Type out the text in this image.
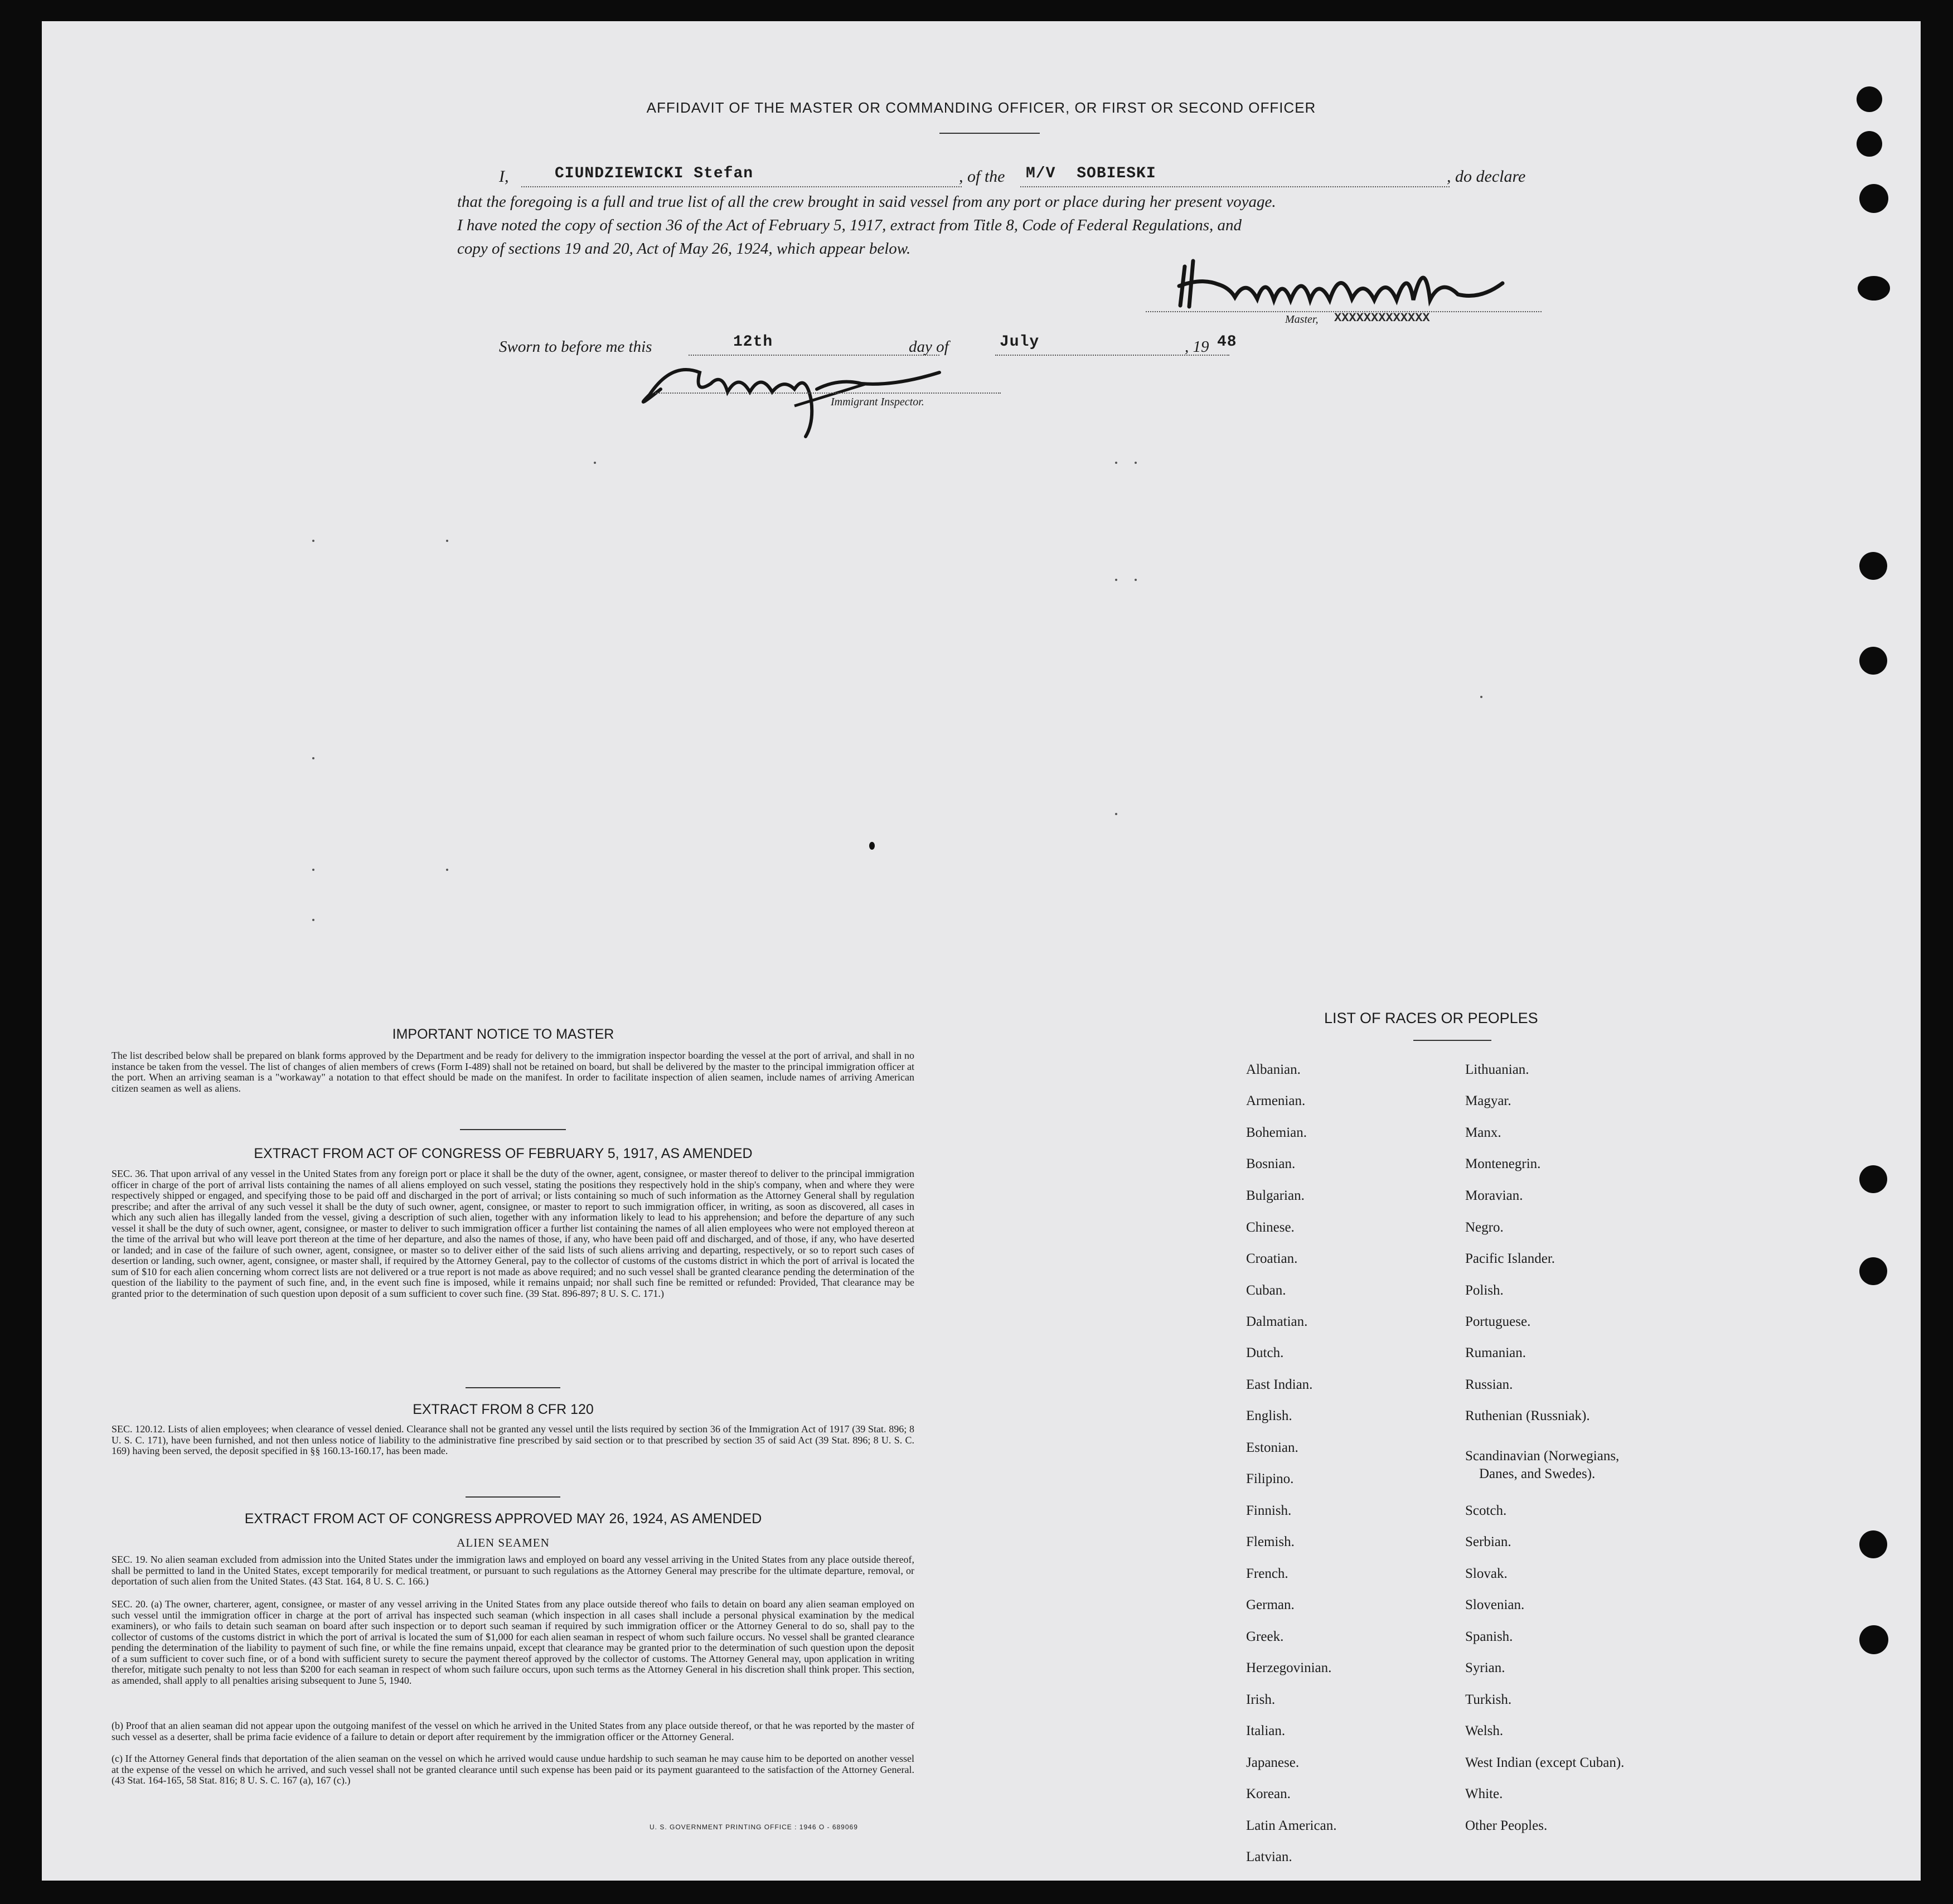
AFFIDAVIT OF THE MASTER OR COMMANDING OFFICER, OR FIRST OR SECOND OFFICER
I,	CIUNDZIEWICKI Stefan	, of the M/V SOBIESKI	, do declare
that the foregoing is a full and true list of all the crew brought in said vessel from any port or place during her present voyage.
I have noted the copy of section 36 of the Act of February 5, 1917, extract from Title 8, Code of Federal Regulations, and
copy of sections 19 and 20, Act of May 26, 1924, which appear below.
Master, XXXXXXXXXXXXX
Sworn to before me this	12th	day of	July	, 19 48
Immigrant Inspector.
IMPORTANT NOTICE TO MASTER
The list described below shall be prepared on blank forms approved by the Department and be ready for delivery to the immigration inspector boarding the vessel at the port of arrival, and shall in no instance be taken from the vessel. The list of changes of alien members of crews (Form I-489) shall not be retained on board, but shall be delivered by the master to the principal immigration officer at the port. When an arriving seaman is a "workaway" a notation to that effect should be made on the manifest. In order to facilitate inspection of alien seamen, include names of arriving American citizen seamen as well as aliens.
EXTRACT FROM ACT OF CONGRESS OF FEBRUARY 5, 1917, AS AMENDED
SEC. 36. That upon arrival of any vessel in the United States from any foreign port or place it shall be the duty of the owner, agent, consignee, or master thereof to deliver to the principal immigration officer in charge of the port of arrival lists containing the names of all aliens employed on such vessel, stating the positions they respectively hold in the ship's company, when and where they were respectively shipped or engaged, and specifying those to be paid off and discharged in the port of arrival; or lists containing so much of such information as the Attorney General shall by regulation prescribe; and after the arrival of any such vessel it shall be the duty of such owner, agent, consignee, or master to report to such immigration officer, in writing, as soon as discovered, all cases in which any such alien has illegally landed from the vessel, giving a description of such alien, together with any information likely to lead to his apprehension; and before the departure of any such vessel it shall be the duty of such owner, agent, consignee, or master to deliver to such immigration officer a further list containing the names of all alien employees who were not employed thereon at the time of the arrival but who will leave port thereon at the time of her departure, and also the names of those, if any, who have been paid off and discharged, and of those, if any, who have deserted or landed; and in case of the failure of such owner, agent, consignee, or master so to deliver either of the said lists of such aliens arriving and departing, respectively, or so to report such cases of desertion or landing, such owner, agent, consignee, or master shall, if required by the Attorney General, pay to the collector of customs of the customs district in which the port of arrival is located the sum of $10 for each alien concerning whom correct lists are not delivered or a true report is not made as above required; and no such vessel shall be granted clearance pending the determination of the question of the liability to the payment of such fine, and, in the event such fine is imposed, while it remains unpaid; nor shall such fine be remitted or refunded: Provided, That clearance may be granted prior to the determination of such question upon deposit of a sum sufficient to cover such fine. (39 Stat. 896-897; 8 U. S. C. 171.)
EXTRACT FROM 8 CFR 120
SEC. 120.12. Lists of alien employees; when clearance of vessel denied. Clearance shall not be granted any vessel until the lists required by section 36 of the Immigration Act of 1917 (39 Stat. 896; 8 U. S. C. 171), have been furnished, and not then unless notice of liability to the administrative fine prescribed by said section or to that prescribed by section 35 of said Act (39 Stat. 896; 8 U. S. C. 169) having been served, the deposit specified in §§ 160.13-160.17, has been made.
EXTRACT FROM ACT OF CONGRESS APPROVED MAY 26, 1924, AS AMENDED
ALIEN SEAMEN
SEC. 19. No alien seaman excluded from admission into the United States under the immigration laws and employed on board any vessel arriving in the United States from any place outside thereof, shall be permitted to land in the United States, except temporarily for medical treatment, or pursuant to such regulations as the Attorney General may prescribe for the ultimate departure, removal, or deportation of such alien from the United States. (43 Stat. 164, 8 U. S. C. 166.)
SEC. 20. (a) The owner, charterer, agent, consignee, or master of any vessel arriving in the United States from any place outside thereof who fails to detain on board any alien seaman employed on such vessel until the immigration officer in charge at the port of arrival has inspected such seaman (which inspection in all cases shall include a personal physical examination by the medical examiners), or who fails to detain such seaman on board after such inspection or to deport such seaman if required by such immigration officer or the Attorney General to do so, shall pay to the collector of customs of the customs district in which the port of arrival is located the sum of $1,000 for each alien seaman in respect of whom such failure occurs. No vessel shall be granted clearance pending the determination of the liability to payment of such fine, or while the fine remains unpaid, except that clearance may be granted prior to the determination of such question upon the deposit of a sum sufficient to cover such fine, or of a bond with sufficient surety to secure the payment thereof approved by the collector of customs. The Attorney General may, upon application in writing therefor, mitigate such penalty to not less than $200 for each seaman in respect of whom such failure occurs, upon such terms as the Attorney General in his discretion shall think proper. This section, as amended, shall apply to all penalties arising subsequent to June 5, 1940.
(b) Proof that an alien seaman did not appear upon the outgoing manifest of the vessel on which he arrived in the United States from any place outside thereof, or that he was reported by the master of such vessel as a deserter, shall be prima facie evidence of a failure to detain or deport after requirement by the immigration officer or the Attorney General.
(c) If the Attorney General finds that deportation of the alien seaman on the vessel on which he arrived would cause undue hardship to such seaman he may cause him to be deported on another vessel at the expense of the vessel on which he arrived, and such vessel shall not be granted clearance until such expense has been paid or its payment guaranteed to the satisfaction of the Attorney General. (43 Stat. 164-165, 58 Stat. 816; 8 U. S. C. 167 (a), 167 (c).)
U. S. GOVERNMENT PRINTING OFFICE : 1946 O - 689069
LIST OF RACES OR PEOPLES
Albanian.
Armenian.
Bohemian.
Bosnian.
Bulgarian.
Chinese.
Croatian.
Cuban.
Dalmatian.
Dutch.
East Indian.
English.
Estonian.
Filipino.
Finnish.
Flemish.
French.
German.
Greek.
Herzegovinian.
Irish.
Italian.
Japanese.
Korean.
Latin American.
Latvian.
Lithuanian.
Magyar.
Manx.
Montenegrin.
Moravian.
Negro.
Pacific Islander.
Polish.
Portuguese.
Rumanian.
Russian.
Ruthenian (Russniak).
Scandinavian (Norwegians,
Danes, and Swedes).
Scotch.
Serbian.
Slovak.
Slovenian.
Spanish.
Syrian.
Turkish.
Welsh.
West Indian (except Cuban).
White.
Other Peoples.
